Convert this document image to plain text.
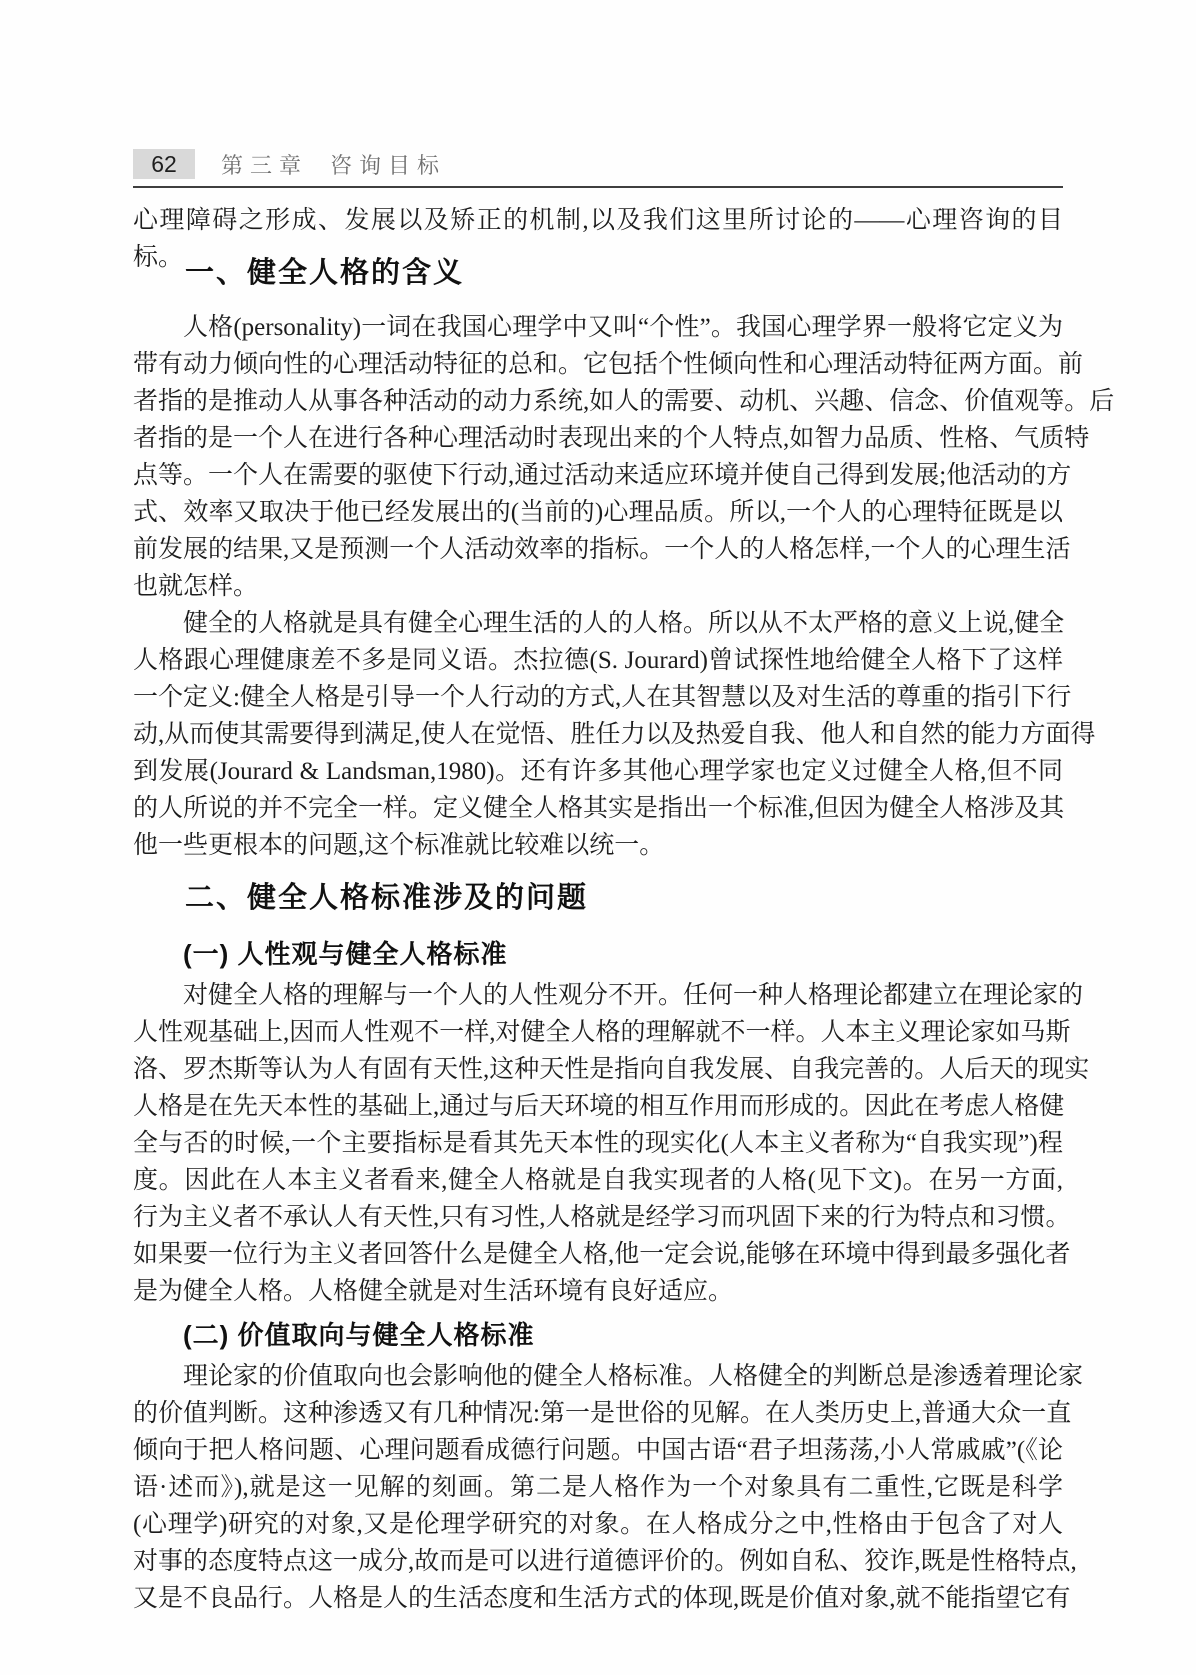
62	第三章 咨询目标
心理障碍之形成、发展以及矫正的机制,以及我们这里所讨论的——心理咨询的目标。 一、健全人格的含义
人格(personality)一词在我国心理学中又叫“个性”。我国心理学界一般将它定义为
带有动力倾向性的心理活动特征的总和。它包括个性倾向性和心理活动特征两方面。前
者指的是推动人从事各种活动的动力系统,如人的需要、动机、兴趣、信念、价值观等。后
者指的是一个人在进行各种心理活动时表现出来的个人特点,如智力品质、性格、气质特
点等。一个人在需要的驱使下行动,通过活动来适应环境并使自己得到发展;他活动的方
式、效率又取决于他已经发展出的(当前的)心理品质。所以,一个人的心理特征既是以
前发展的结果,又是预测一个人活动效率的指标。一个人的人格怎样,一个人的心理生活
也就怎样。
健全的人格就是具有健全心理生活的人的人格。所以从不太严格的意义上说,健全
人格跟心理健康差不多是同义语。杰拉德(S. Jourard)曾试探性地给健全人格下了这样
一个定义:健全人格是引导一个人行动的方式,人在其智慧以及对生活的尊重的指引下行
动,从而使其需要得到满足,使人在觉悟、胜任力以及热爱自我、他人和自然的能力方面得
到发展(Jourard & Landsman,1980)。还有许多其他心理学家也定义过健全人格,但不同
的人所说的并不完全一样。定义健全人格其实是指出一个标准,但因为健全人格涉及其
他一些更根本的问题,这个标准就比较难以统一。
二、健全人格标准涉及的问题
(一) 人性观与健全人格标准
对健全人格的理解与一个人的人性观分不开。任何一种人格理论都建立在理论家的
人性观基础上,因而人性观不一样,对健全人格的理解就不一样。人本主义理论家如马斯
洛、罗杰斯等认为人有固有天性,这种天性是指向自我发展、自我完善的。人后天的现实
人格是在先天本性的基础上,通过与后天环境的相互作用而形成的。因此在考虑人格健
全与否的时候,一个主要指标是看其先天本性的现实化(人本主义者称为“自我实现”)程
度。因此在人本主义者看来,健全人格就是自我实现者的人格(见下文)。在另一方面,
行为主义者不承认人有天性,只有习性,人格就是经学习而巩固下来的行为特点和习惯。
如果要一位行为主义者回答什么是健全人格,他一定会说,能够在环境中得到最多强化者
是为健全人格。人格健全就是对生活环境有良好适应。
(二) 价值取向与健全人格标准
理论家的价值取向也会影响他的健全人格标准。人格健全的判断总是渗透着理论家
的价值判断。这种渗透又有几种情况:第一是世俗的见解。在人类历史上,普通大众一直
倾向于把人格问题、心理问题看成德行问题。中国古语“君子坦荡荡,小人常戚戚”(《论
语·述而》),就是这一见解的刻画。第二是人格作为一个对象具有二重性,它既是科学
(心理学)研究的对象,又是伦理学研究的对象。在人格成分之中,性格由于包含了对人
对事的态度特点这一成分,故而是可以进行道德评价的。例如自私、狡诈,既是性格特点,
又是不良品行。人格是人的生活态度和生活方式的体现,既是价值对象,就不能指望它有
